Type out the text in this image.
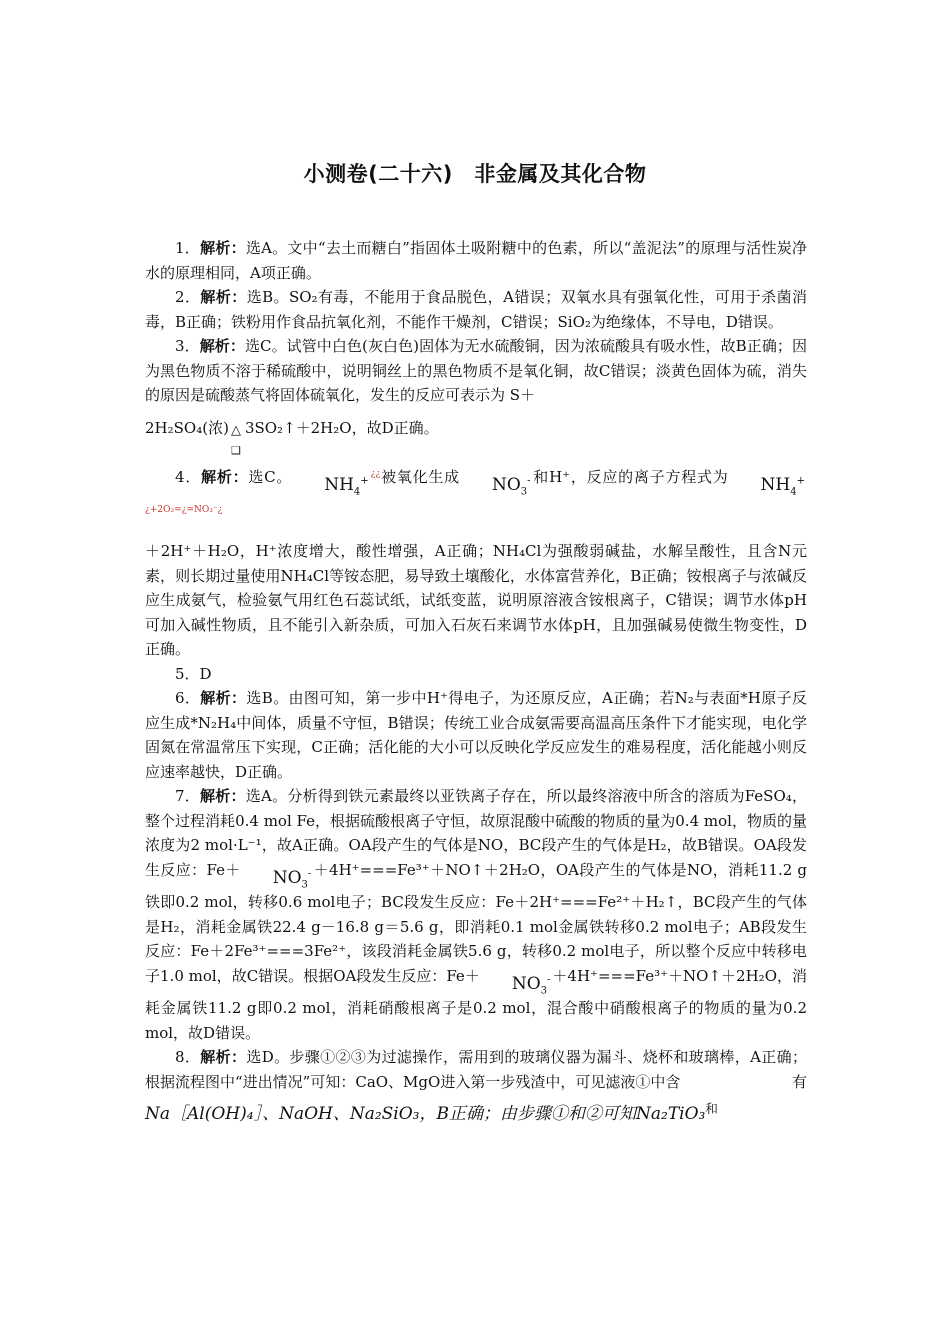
小测卷(二十六)　非金属及其化合物

1．解析：选A。文中“去土而糖白”指固体土吸附糖中的色素，所以“盖泥法”的原理与活性炭净水的原理相同，A项正确。

2．解析：选B。SO₂有毒，不能用于食品脱色，A错误；双氧水具有强氧化性，可用于杀菌消毒，B正确；铁粉用作食品抗氧化剂，不能作干燥剂，C错误；SiO₂为绝缘体，不导电，D错误。

3．解析：选C。试管中白色(灰白色)固体为无水硫酸铜，因为浓硫酸具有吸水性，故B正确；因为黑色物质不溶于稀硫酸中，说明铜丝上的黑色物质不是氧化铜，故C错误；淡黄色固体为硫，消失的原因是硫酸蒸气将固体硫氧化，发生的反应可表示为 S＋

2H₂SO₄(浓) △
❑
3SO₂↑＋2H₂O，故D正确。

4．解析：选C。 $NH_4^{+¿¿}$被氧化生成 $NO_3^-$ 和H⁺，反应的离子方程式为 $NH_4^{+¿+2O_2=¿=NO_3^-¿}$

＋2H⁺＋H₂O，H⁺浓度增大，酸性增强，A正确；NH₄Cl为强酸弱碱盐，水解呈酸性，且含N元素，则长期过量使用NH₄Cl等铵态肥，易导致土壤酸化，水体富营养化，B正确；铵根离子与浓碱反应生成氨气，检验氨气用红色石蕊试纸，试纸变蓝，说明原溶液含铵根离子，C错误；调节水体pH可加入碱性物质，且不能引入新杂质，可加入石灰石来调节水体pH，且加强碱易使微生物变性，D正确。

5．D

6．解析：选B。由图可知，第一步中H⁺得电子，为还原反应，A正确；若N₂与表面*H原子反应生成*N₂H₄中间体，质量不守恒，B错误；传统工业合成氨需要高温高压条件下才能实现，电化学固氮在常温常压下实现，C正确；活化能的大小可以反映化学反应发生的难易程度，活化能越小则反应速率越快，D正确。

7．解析：选A。分析得到铁元素最终以亚铁离子存在，所以最终溶液中所含的溶质为FeSO₄，整个过程消耗0.4 mol Fe，根据硫酸根离子守恒，故原混酸中硫酸的物质的量为0.4 mol，物质的量浓度为2 mol·L⁻¹，故A正确。OA段产生的气体是NO，BC段产生的气体是H₂，故B错误。OA段发生反应：$Fe+ NO_3^-$ ＋4H⁺===Fe³⁺＋NO↑＋2H₂O，OA段产生的气体是NO，消耗11.2 g铁即0.2 mol，转移0.6 mol电子；BC段发生反应：Fe＋2H⁺===Fe²⁺＋H₂↑，BC段产生的气体是H₂，消耗金属铁22.4 g－16.8 g＝5.6 g，即消耗0.1 mol金属铁转移0.2 mol电子；AB段发生反应：Fe＋2Fe³⁺===3Fe²⁺，该段消耗金属铁5.6 g，转移0.2 mol电子，所以整个反应中转移电子1.0 mol，故C错误。根据OA段发生反应：$Fe+ NO_3^-$ ＋4H⁺===Fe³⁺＋NO↑＋2H₂O，消耗金属铁11.2 g即0.2 mol，消耗硝酸根离子是0.2 mol，混合酸中硝酸根离子的物质的量为0.2 mol，故D错误。

8．解析：选D。步骤①②③为过滤操作，需用到的玻璃仪器为漏斗、烧杯和玻璃棒，A正确；根据流程图中“进出情况”可知：CaO、MgO进入第一步残渣中，可见滤液①中含	有

Na［Al(OH)₄］、NaOH、Na₂SiO₃，B正确；由步骤①和②可知Na₂TiO₃$^和$
